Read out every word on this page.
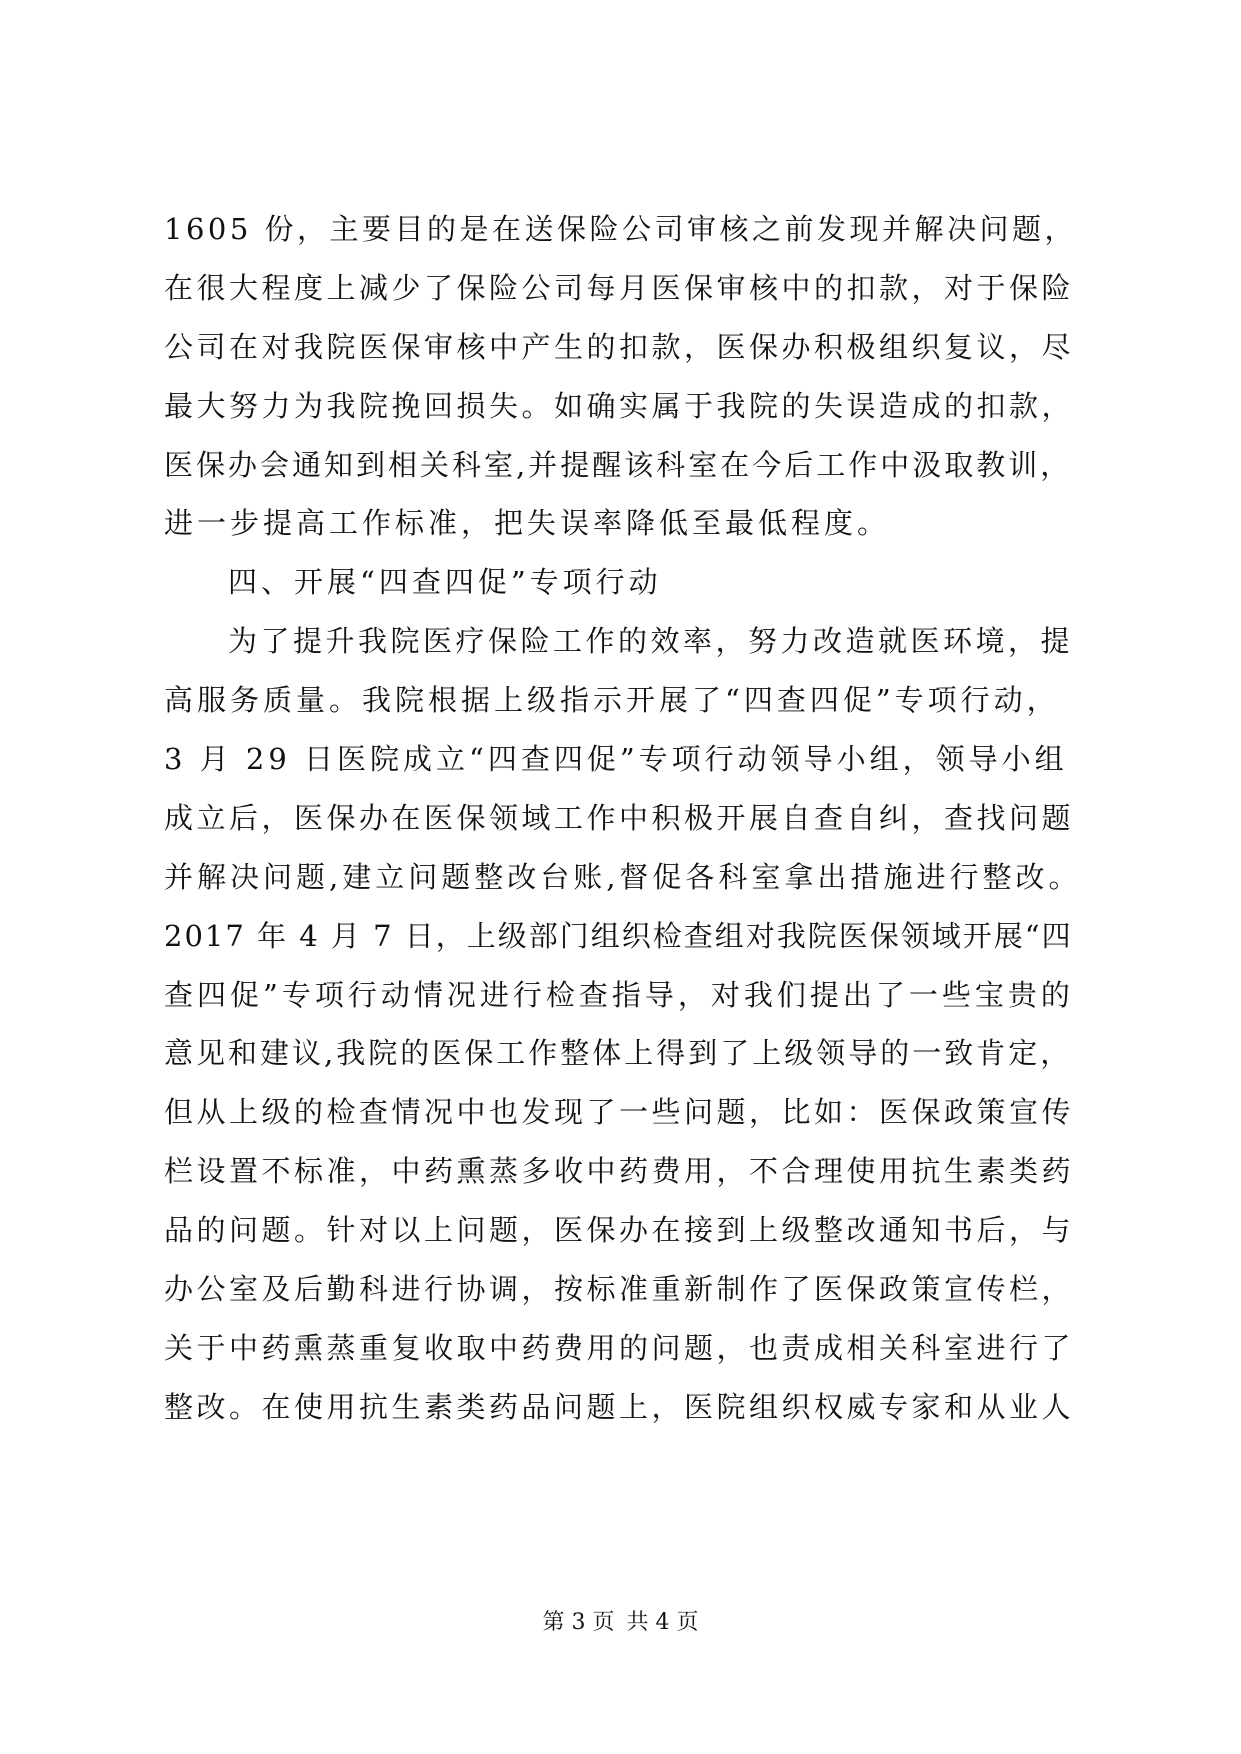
1605 份，主要目的是在送保险公司审核之前发现并解决问题，
在很大程度上减少了保险公司每月医保审核中的扣款，对于保险
公司在对我院医保审核中产生的扣款，医保办积极组织复议，尽
最大努力为我院挽回损失。如确实属于我院的失误造成的扣款，
医保办会通知到相关科室,并提醒该科室在今后工作中汲取教训，
进一步提高工作标准，把失误率降低至最低程度。
四、开展“四查四促”专项行动
为了提升我院医疗保险工作的效率，努力改造就医环境，提
高服务质量。我院根据上级指示开展了“四查四促”专项行动，
3 月 29 日医院成立“四查四促”专项行动领导小组，领导小组
成立后，医保办在医保领域工作中积极开展自查自纠，查找问题
并解决问题,建立问题整改台账,督促各科室拿出措施进行整改。
2017 年 4 月 7 日，上级部门组织检查组对我院医保领域开展“四
查四促”专项行动情况进行检查指导，对我们提出了一些宝贵的
意见和建议,我院的医保工作整体上得到了上级领导的一致肯定，
但从上级的检查情况中也发现了一些问题，比如：医保政策宣传
栏设置不标准，中药熏蒸多收中药费用，不合理使用抗生素类药
品的问题。针对以上问题，医保办在接到上级整改通知书后，与
办公室及后勤科进行协调，按标准重新制作了医保政策宣传栏，
关于中药熏蒸重复收取中药费用的问题，也责成相关科室进行了
整改。在使用抗生素类药品问题上，医院组织权威专家和从业人
第 3 页 共 4 页
